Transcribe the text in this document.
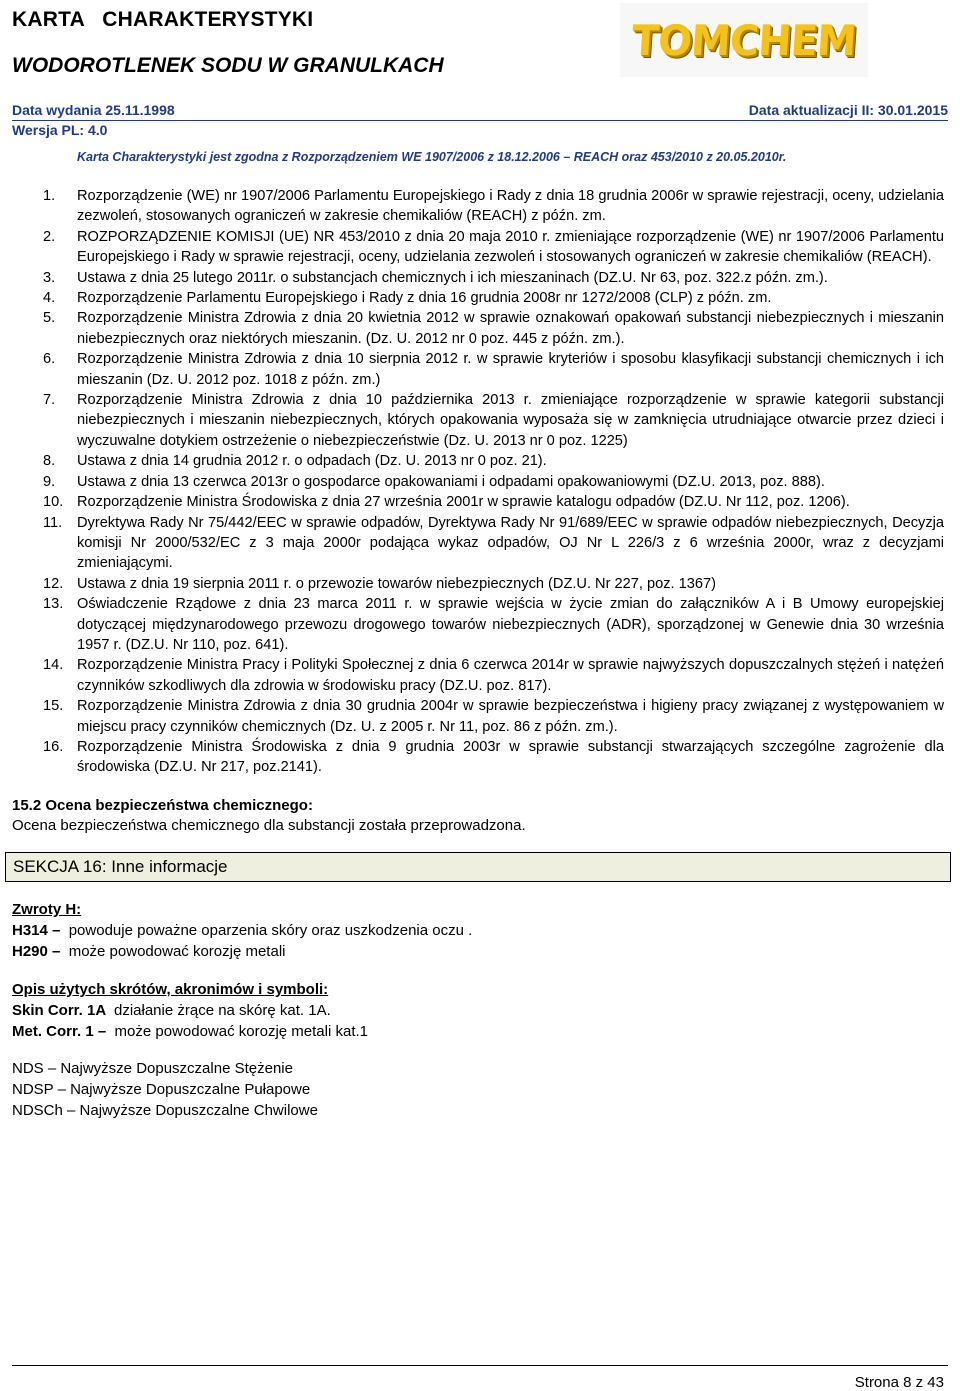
KARTA   CHARAKTERYSTYKI
WODOROTLENEK SODU W GRANULKACH
TOMCHEM
Data wydania 25.11.1998	Data aktualizacji II: 30.01.2015
Wersja PL: 4.0
Karta Charakterystyki jest zgodna z Rozporządzeniem WE 1907/2006 z 18.12.2006 – REACH oraz 453/2010 z 20.05.2010r.
1. Rozporządzenie (WE) nr 1907/2006 Parlamentu Europejskiego i Rady z dnia 18 grudnia 2006r w sprawie rejestracji, oceny, udzielania zezwoleń, stosowanych ograniczeń w zakresie chemikaliów (REACH) z późn. zm.
2. ROZPORZĄDZENIE KOMISJI (UE) NR 453/2010 z dnia 20 maja 2010 r. zmieniające rozporządzenie (WE) nr 1907/2006 Parlamentu Europejskiego i Rady w sprawie rejestracji, oceny, udzielania zezwoleń i stosowanych ograniczeń w zakresie chemikaliów (REACH).
3. Ustawa z dnia 25 lutego 2011r. o substancjach chemicznych i ich mieszaninach (DZ.U. Nr 63, poz. 322.z późn. zm.).
4. Rozporządzenie Parlamentu Europejskiego i Rady z dnia 16 grudnia 2008r nr 1272/2008 (CLP) z późn. zm.
5. Rozporządzenie Ministra Zdrowia z dnia 20 kwietnia 2012 w sprawie oznakowań opakowań substancji niebezpiecznych i mieszanin niebezpiecznych oraz niektórych mieszanin. (Dz. U. 2012 nr 0 poz. 445 z późn. zm.).
6. Rozporządzenie Ministra Zdrowia z dnia 10 sierpnia 2012 r. w sprawie kryteriów i sposobu klasyfikacji substancji chemicznych i ich mieszanin (Dz. U. 2012 poz. 1018 z późn. zm.)
7. Rozporządzenie Ministra Zdrowia z dnia 10 października 2013 r. zmieniające rozporządzenie w sprawie kategorii substancji niebezpiecznych i mieszanin niebezpiecznych, których opakowania wyposaża się w zamknięcia utrudniające otwarcie przez dzieci i wyczuwalne dotykiem ostrzeżenie o niebezpieczeństwie (Dz. U. 2013 nr 0 poz. 1225)
8. Ustawa z dnia 14 grudnia 2012 r. o odpadach (Dz. U. 2013 nr 0 poz. 21).
9. Ustawa z dnia 13 czerwca 2013r o gospodarce opakowaniami i odpadami opakowaniowymi (DZ.U. 2013, poz. 888).
10. Rozporządzenie Ministra Środowiska z dnia 27 września 2001r w sprawie katalogu odpadów (DZ.U. Nr 112, poz. 1206).
11. Dyrektywa Rady Nr 75/442/EEC w sprawie odpadów, Dyrektywa Rady Nr 91/689/EEC w sprawie odpadów niebezpiecznych, Decyzja komisji Nr 2000/532/EC z 3 maja 2000r podająca wykaz odpadów, OJ Nr L 226/3 z 6 września 2000r, wraz z decyzjami zmieniającymi.
12. Ustawa z dnia 19 sierpnia 2011 r. o przewozie towarów niebezpiecznych (DZ.U. Nr 227, poz. 1367)
13. Oświadczenie Rządowe z dnia 23 marca 2011 r. w sprawie wejścia w życie zmian do załączników A i B Umowy europejskiej dotyczącej międzynarodowego przewozu drogowego towarów niebezpiecznych (ADR), sporządzonej w Genewie dnia 30 września 1957 r. (DZ.U. Nr 110, poz. 641).
14. Rozporządzenie Ministra Pracy i Polityki Społecznej z dnia 6 czerwca 2014r w sprawie najwyższych dopuszczalnych stężeń i natężeń czynników szkodliwych dla zdrowia w środowisku pracy (DZ.U. poz. 817).
15. Rozporządzenie Ministra Zdrowia z dnia 30 grudnia 2004r w sprawie bezpieczeństwa i higieny pracy związanej z występowaniem w miejscu pracy czynników chemicznych (Dz. U. z 2005 r. Nr 11, poz. 86 z późn. zm.).
16. Rozporządzenie Ministra Środowiska z dnia 9 grudnia 2003r w sprawie substancji stwarzających szczególne zagrożenie dla środowiska (DZ.U. Nr 217, poz.2141).
15.2 Ocena bezpieczeństwa chemicznego:
Ocena bezpieczeństwa chemicznego dla substancji została przeprowadzona.
SEKCJA 16: Inne informacje
Zwroty H:
H314 –  powoduje poważne oparzenia skóry oraz uszkodzenia oczu .
H290 –  może powodować korozję metali
Opis użytych skrótów, akronimów i symboli:
Skin Corr. 1A  działanie żrące na skórę kat. 1A.
Met. Corr. 1 –  może powodować korozję metali kat.1
NDS – Najwyższe Dopuszczalne Stężenie
NDSP – Najwyższe Dopuszczalne Pułapowe
NDSCh – Najwyższe Dopuszczalne Chwilowe
Strona 8 z 43
